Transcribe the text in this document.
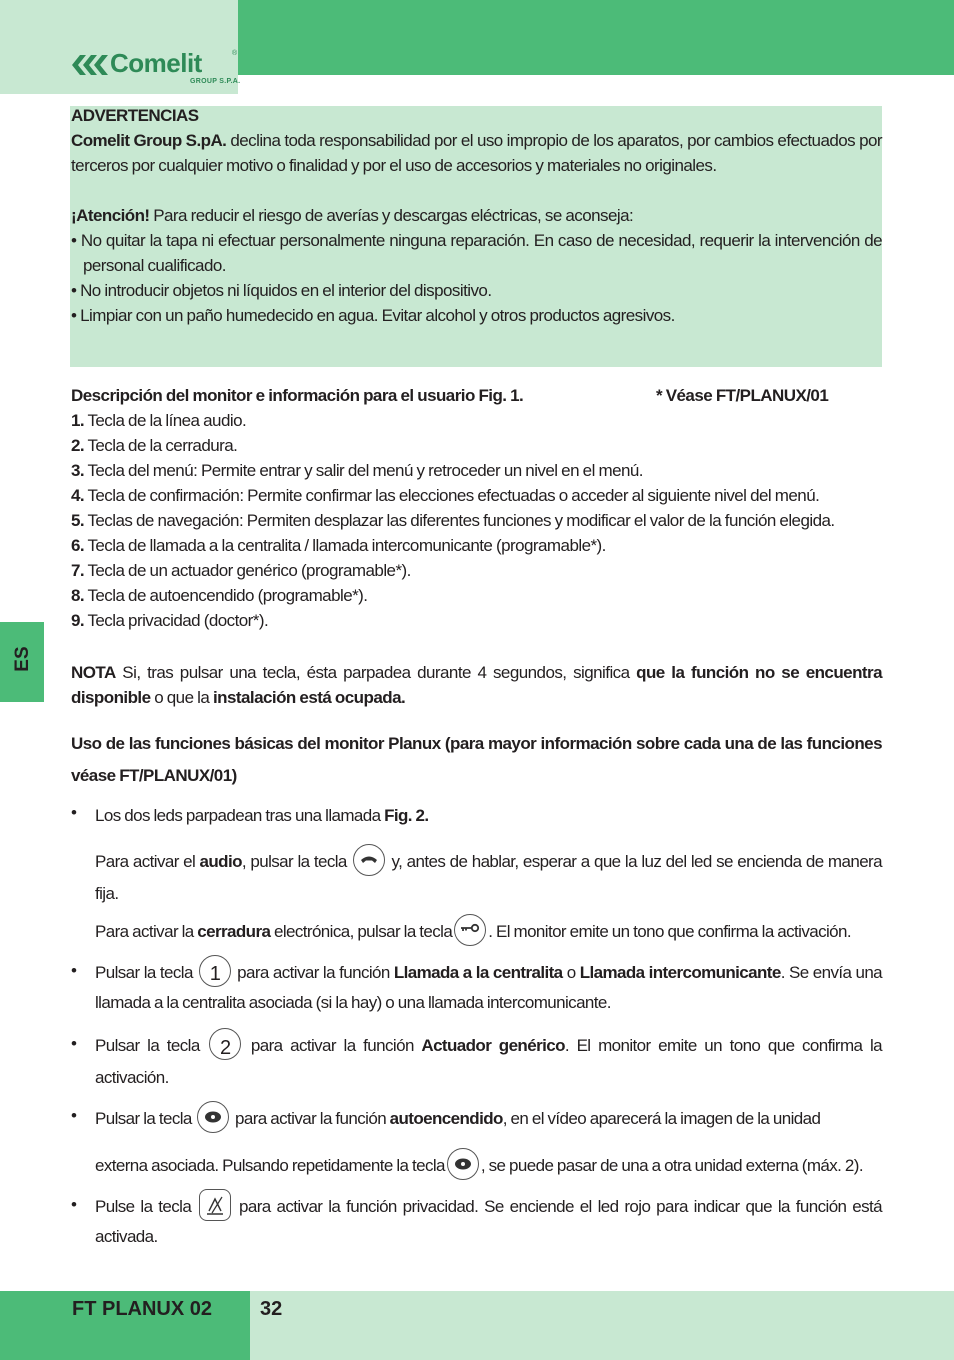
Comelit	®
GROUP S.P.A.

ADVERTENCIAS

Comelit Group S.pA. declina toda responsabilidad por el uso impropio de los aparatos, por cambios efectuados por terceros por cualquier motivo o finalidad y por el uso de accesorios y materiales no originales.

¡Atención! Para reducir el riesgo de averías y descargas eléctricas, se aconseja:

• No quitar la tapa ni efectuar personalmente ninguna reparación. En caso de necesidad, requerir la intervención de personal cualificado.

• No introducir objetos ni líquidos en el interior del dispositivo.

• Limpiar con un paño humedecido en agua. Evitar alcohol y otros productos agresivos.

Descripción del monitor e información para el usuario Fig. 1.	* Véase FT/PLANUX/01

1. Tecla de la línea audio.

2. Tecla de la cerradura.

3. Tecla del menú: Permite entrar y salir del menú y retroceder un nivel en el menú.

4. Tecla de confirmación: Permite confirmar las elecciones efectuadas o acceder al siguiente nivel del menú.

5. Teclas de navegación: Permiten desplazar las diferentes funciones y modificar el valor de la función elegida.

6. Tecla de llamada a la centralita / llamada intercomunicante (programable*).

7. Tecla de un actuador genérico (programable*).

8. Tecla de autoencendido (programable*).

9. Tecla privacidad (doctor*).

ES

NOTA Si, tras pulsar una tecla, ésta parpadea durante 4 segundos, significa que la función no se encuentra disponible o que la instalación está ocupada.

Uso de las funciones básicas del monitor Planux (para mayor información sobre cada una de las funciones véase FT/PLANUX/01)

• Los dos leds parpadean tras una llamada Fig. 2.
Para activar el audio, pulsar la tecla	y, antes de hablar, esperar a que la luz del led se encienda de manera fija.
Para activar la cerradura electrónica, pulsar la tecla . El monitor emite un tono que confirma la activación.
• Pulsar la tecla 1 para activar la función Llamada a la centralita o Llamada intercomunicante. Se envía una llamada a la centralita asociada (si la hay) o una llamada intercomunicante.
• Pulsar la tecla	2	para activar la función Actuador genérico. El monitor emite un tono que confirma la activación.
• Pulsar la tecla	para activar la función autoencendido, en el vídeo aparecerá la imagen de la unidad
externa asociada. Pulsando repetidamente la tecla , se puede pasar de una a otra unidad externa (máx. 2).
• Pulse la tecla	para activar la función privacidad. Se enciende el led rojo para indicar que la función está activada.
FT PLANUX 02 32
